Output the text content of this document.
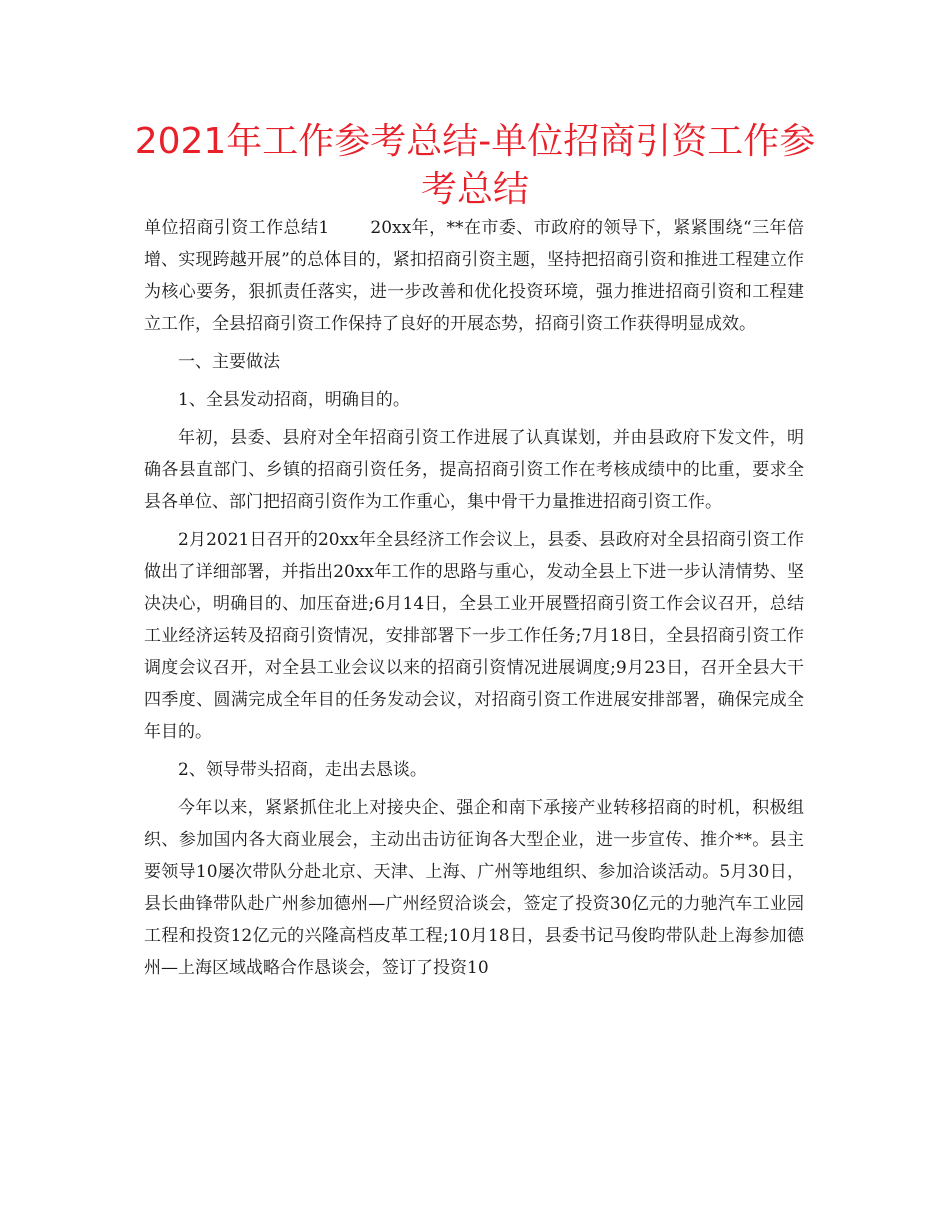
2021年工作参考总结-单位招商引资工作参考总结

单位招商引资工作总结1　　 20xx年，**在市委、市政府的领导下，紧紧围绕“三年倍增、实现跨越开展”的总体目的，紧扣招商引资主题，坚持把招商引资和推进工程建立作为核心要务，狠抓责任落实，进一步改善和优化投资环境，强力推进招商引资和工程建立工作，全县招商引资工作保持了良好的开展态势，招商引资工作获得明显成效。

一、主要做法

1、全县发动招商，明确目的。

年初，县委、县府对全年招商引资工作进展了认真谋划，并由县政府下发文件，明确各县直部门、乡镇的招商引资任务，提高招商引资工作在考核成绩中的比重，要求全县各单位、部门把招商引资作为工作重心，集中骨干力量推进招商引资工作。

2月2021日召开的20xx年全县经济工作会议上，县委、县政府对全县招商引资工作做出了详细部署，并指出20xx年工作的思路与重心，发动全县上下进一步认清情势、坚决决心，明确目的、加压奋进;6月14日，全县工业开展暨招商引资工作会议召开，总结工业经济运转及招商引资情况，安排部署下一步工作任务;7月18日，全县招商引资工作调度会议召开，对全县工业会议以来的招商引资情况进展调度;9月23日，召开全县大干四季度、圆满完成全年目的任务发动会议，对招商引资工作进展安排部署，确保完成全年目的。

2、领导带头招商，走出去恳谈。

今年以来，紧紧抓住北上对接央企、强企和南下承接产业转移招商的时机，积极组织、参加国内各大商业展会，主动出击访征询各大型企业，进一步宣传、推介**。县主要领导10屡次带队分赴北京、天津、上海、广州等地组织、参加洽谈活动。5月30日，县长曲锋带队赴广州参加德州—广州经贸洽谈会，签定了投资30亿元的力驰汽车工业园工程和投资12亿元的兴隆高档皮革工程;10月18日，县委书记马俊昀带队赴上海参加德州—上海区域战略合作恳谈会，签订了投资10
